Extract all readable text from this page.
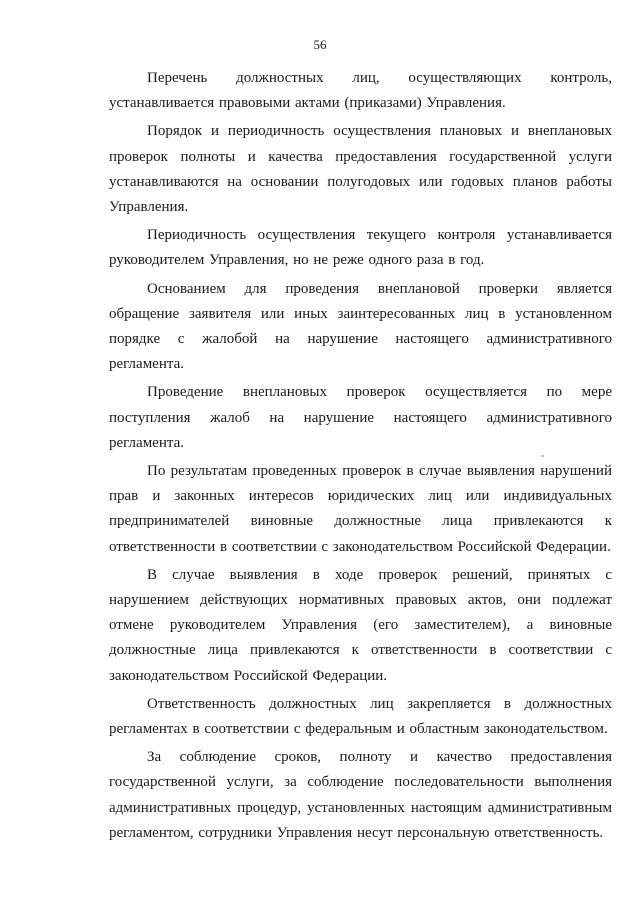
56

Перечень должностных лиц, осуществляющих контроль, устанавливается правовыми актами (приказами) Управления.

Порядок и периодичность осуществления плановых и внеплановых проверок полноты и качества предоставления государственной услуги устанавливаются на основании полугодовых или годовых планов работы Управления.

Периодичность осуществления текущего контроля устанавливается руководителем Управления, но не реже одного раза в год.

Основанием для проведения внеплановой проверки является обращение заявителя или иных заинтересованных лиц в установленном порядке с жалобой на нарушение настоящего административного регламента.

Проведение внеплановых проверок осуществляется по мере поступления жалоб на нарушение настоящего административного регламента.

По результатам проведенных проверок в случае выявления нарушений прав и законных интересов юридических лиц или индивидуальных предпринимателей виновные должностные лица привлекаются к ответственности в соответствии с законодательством Российской Федерации.

В случае выявления в ходе проверок решений, принятых с нарушением действующих нормативных правовых актов, они подлежат отмене руководителем Управления (его заместителем), а виновные должностные лица привлекаются к ответственности в соответствии с законодательством Российской Федерации.

Ответственность должностных лиц закрепляется в должностных регламентах в соответствии с федеральным и областным законодательством.

За соблюдение сроков, полноту и качество предоставления государственной услуги, за соблюдение последовательности выполнения административных процедур, установленных настоящим административным регламентом, сотрудники Управления несут персональную ответственность.
